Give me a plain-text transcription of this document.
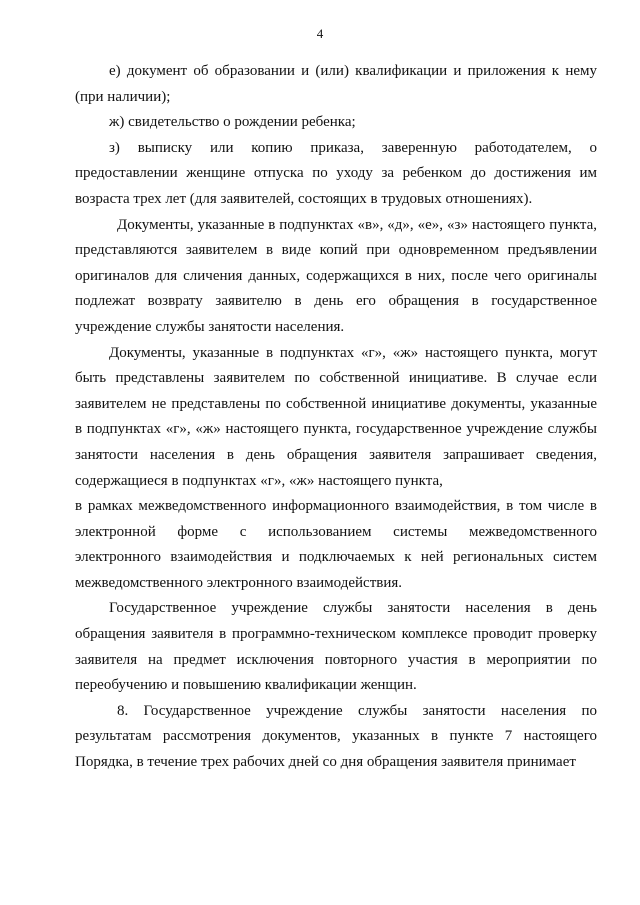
4

е) документ об образовании и (или) квалификации и приложения к нему (при наличии);

ж) свидетельство о рождении ребенка;

з) выписку или копию приказа, заверенную работодателем, о предоставлении женщине отпуска по уходу за ребенком до достижения им возраста трех лет (для заявителей, состоящих в трудовых отношениях).

Документы, указанные в подпунктах «в», «д», «е», «з» настоящего пункта, представляются заявителем в виде копий при одновременном предъявлении оригиналов для сличения данных, содержащихся в них, после чего оригиналы подлежат возврату заявителю в день его обращения в государственное учреждение службы занятости населения.

Документы, указанные в подпунктах «г», «ж» настоящего пункта, могут быть представлены заявителем по собственной инициативе. В случае если заявителем не представлены по собственной инициативе документы, указанные в подпунктах «г», «ж» настоящего пункта, государственное учреждение службы занятости населения в день обращения заявителя запрашивает сведения, содержащиеся в подпунктах «г», «ж» настоящего пункта,

в рамках межведомственного информационного взаимодействия, в том числе в электронной форме с использованием системы межведомственного электронного взаимодействия и подключаемых к ней региональных систем межведомственного электронного взаимодействия.

Государственное учреждение службы занятости населения в день обращения заявителя в программно-техническом комплексе проводит проверку заявителя на предмет исключения повторного участия в мероприятии по переобучению и повышению квалификации женщин.

8. Государственное учреждение службы занятости населения по результатам рассмотрения документов, указанных в пункте 7 настоящего Порядка, в течение трех рабочих дней со дня обращения заявителя принимает
